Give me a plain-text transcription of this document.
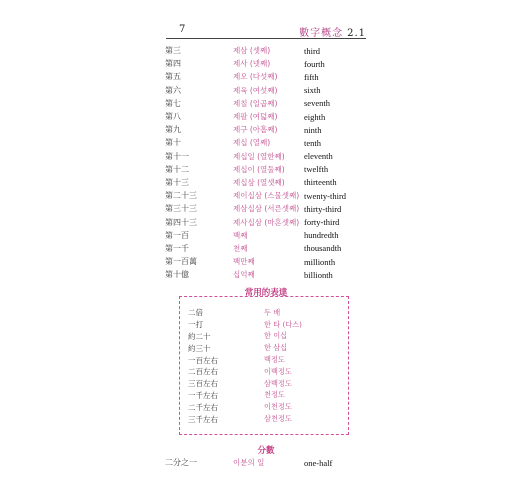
7	數字概念 2.1
第三	제삼 (셋째)	third
第四	제사 (넷째)	fourth
第五	제오 (다섯째)	fifth
第六	제육 (여섯째)	sixth
第七	제칠 (일곱째)	seventh
第八	제팔 (여덟째)	eighth
第九	제구 (아홉째)	ninth
第十	제십 (열째)	tenth
第十一	제십일 (열한째)	eleventh
第十二	제십이 (열둘째)	twelfth
第十三	제십삼 (열셋째)	thirteenth
第二十三	제이십삼 (스물셋째) twenty-third
第三十三	제삼십삼 (서른셋째) thirty-third
第四十三	제사십삼 (마흔셋째) forty-third
第一百	백째	hundredth
第一千	천째	thousandth
第一百萬	백만째	millionth
第十億	십억째	billionth
常用的表達
二倍	두 배
一打	한 타 (다스)
約二十	한 이십
約三十	한 삼십
一百左右	백정도
二百左右	이백정도
三百左右	삼백정도
一千左右	천정도
二千左右	이천정도
三千左右	삼천정도
分數
二分之一	이분의 일	one-half
